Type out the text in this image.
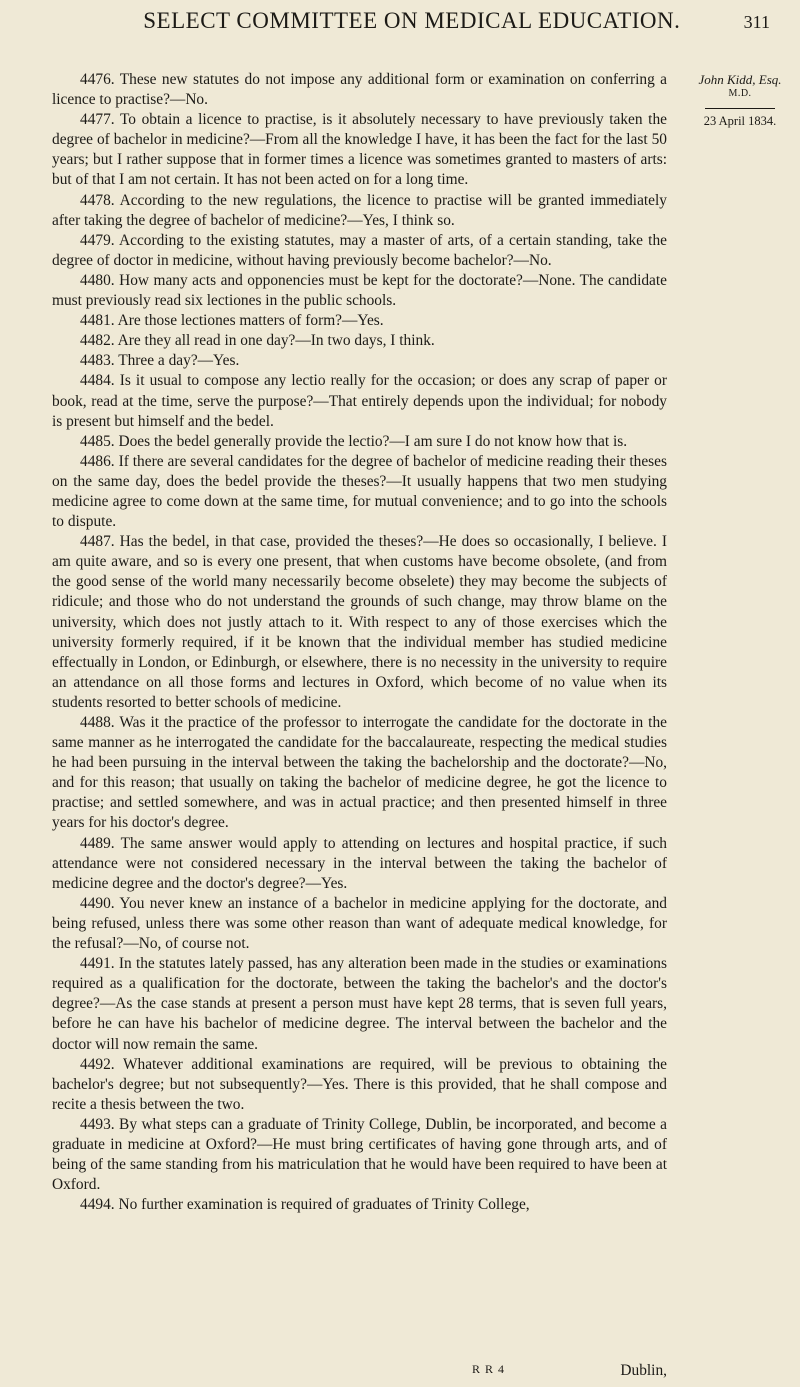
SELECT COMMITTEE ON MEDICAL EDUCATION.	311

4476. These new statutes do not impose any additional form or examination on conferring a licence to practise?—No.

4477. To obtain a licence to practise, is it absolutely necessary to have previously taken the degree of bachelor in medicine?—From all the knowledge I have, it has been the fact for the last 50 years; but I rather suppose that in former times a licence was sometimes granted to masters of arts: but of that I am not certain. It has not been acted on for a long time.

4478. According to the new regulations, the licence to practise will be granted immediately after taking the degree of bachelor of medicine?—Yes, I think so.

4479. According to the existing statutes, may a master of arts, of a certain standing, take the degree of doctor in medicine, without having previously become bachelor?—No.

4480. How many acts and opponencies must be kept for the doctorate?—None. The candidate must previously read six lectiones in the public schools.

4481. Are those lectiones matters of form?—Yes.

4482. Are they all read in one day?—In two days, I think.

4483. Three a day?—Yes.

4484. Is it usual to compose any lectio really for the occasion; or does any scrap of paper or book, read at the time, serve the purpose?—That entirely depends upon the individual; for nobody is present but himself and the bedel.

4485. Does the bedel generally provide the lectio?—I am sure I do not know how that is.

4486. If there are several candidates for the degree of bachelor of medicine reading their theses on the same day, does the bedel provide the theses?—It usually happens that two men studying medicine agree to come down at the same time, for mutual convenience; and to go into the schools to dispute.

4487. Has the bedel, in that case, provided the theses?—He does so occasionally, I believe. I am quite aware, and so is every one present, that when customs have become obsolete, (and from the good sense of the world many necessarily become obselete) they may become the subjects of ridicule; and those who do not understand the grounds of such change, may throw blame on the university, which does not justly attach to it. With respect to any of those exercises which the university formerly required, if it be known that the individual member has studied medicine effectually in London, or Edinburgh, or elsewhere, there is no necessity in the university to require an attendance on all those forms and lectures in Oxford, which become of no value when its students resorted to better schools of medicine.

4488. Was it the practice of the professor to interrogate the candidate for the doctorate in the same manner as he interrogated the candidate for the baccalaureate, respecting the medical studies he had been pursuing in the interval between the taking the bachelorship and the doctorate?—No, and for this reason; that usually on taking the bachelor of medicine degree, he got the licence to practise; and settled somewhere, and was in actual practice; and then presented himself in three years for his doctor's degree.

4489. The same answer would apply to attending on lectures and hospital practice, if such attendance were not considered necessary in the interval between the taking the bachelor of medicine degree and the doctor's degree?—Yes.

4490. You never knew an instance of a bachelor in medicine applying for the doctorate, and being refused, unless there was some other reason than want of adequate medical knowledge, for the refusal?—No, of course not.

4491. In the statutes lately passed, has any alteration been made in the studies or examinations required as a qualification for the doctorate, between the taking the bachelor's and the doctor's degree?—As the case stands at present a person must have kept 28 terms, that is seven full years, before he can have his bachelor of medicine degree. The interval between the bachelor and the doctor will now remain the same.

4492. Whatever additional examinations are required, will be previous to obtaining the bachelor's degree; but not subsequently?—Yes. There is this provided, that he shall compose and recite a thesis between the two.

4493. By what steps can a graduate of Trinity College, Dublin, be incorporated, and become a graduate in medicine at Oxford?—He must bring certificates of having gone through arts, and of being of the same standing from his matriculation that he would have been required to have been at Oxford.

4494. No further examination is required of graduates of Trinity College,

John Kidd, Esq.
M.D.
23 April 1834.
R R 4	Dublin,
